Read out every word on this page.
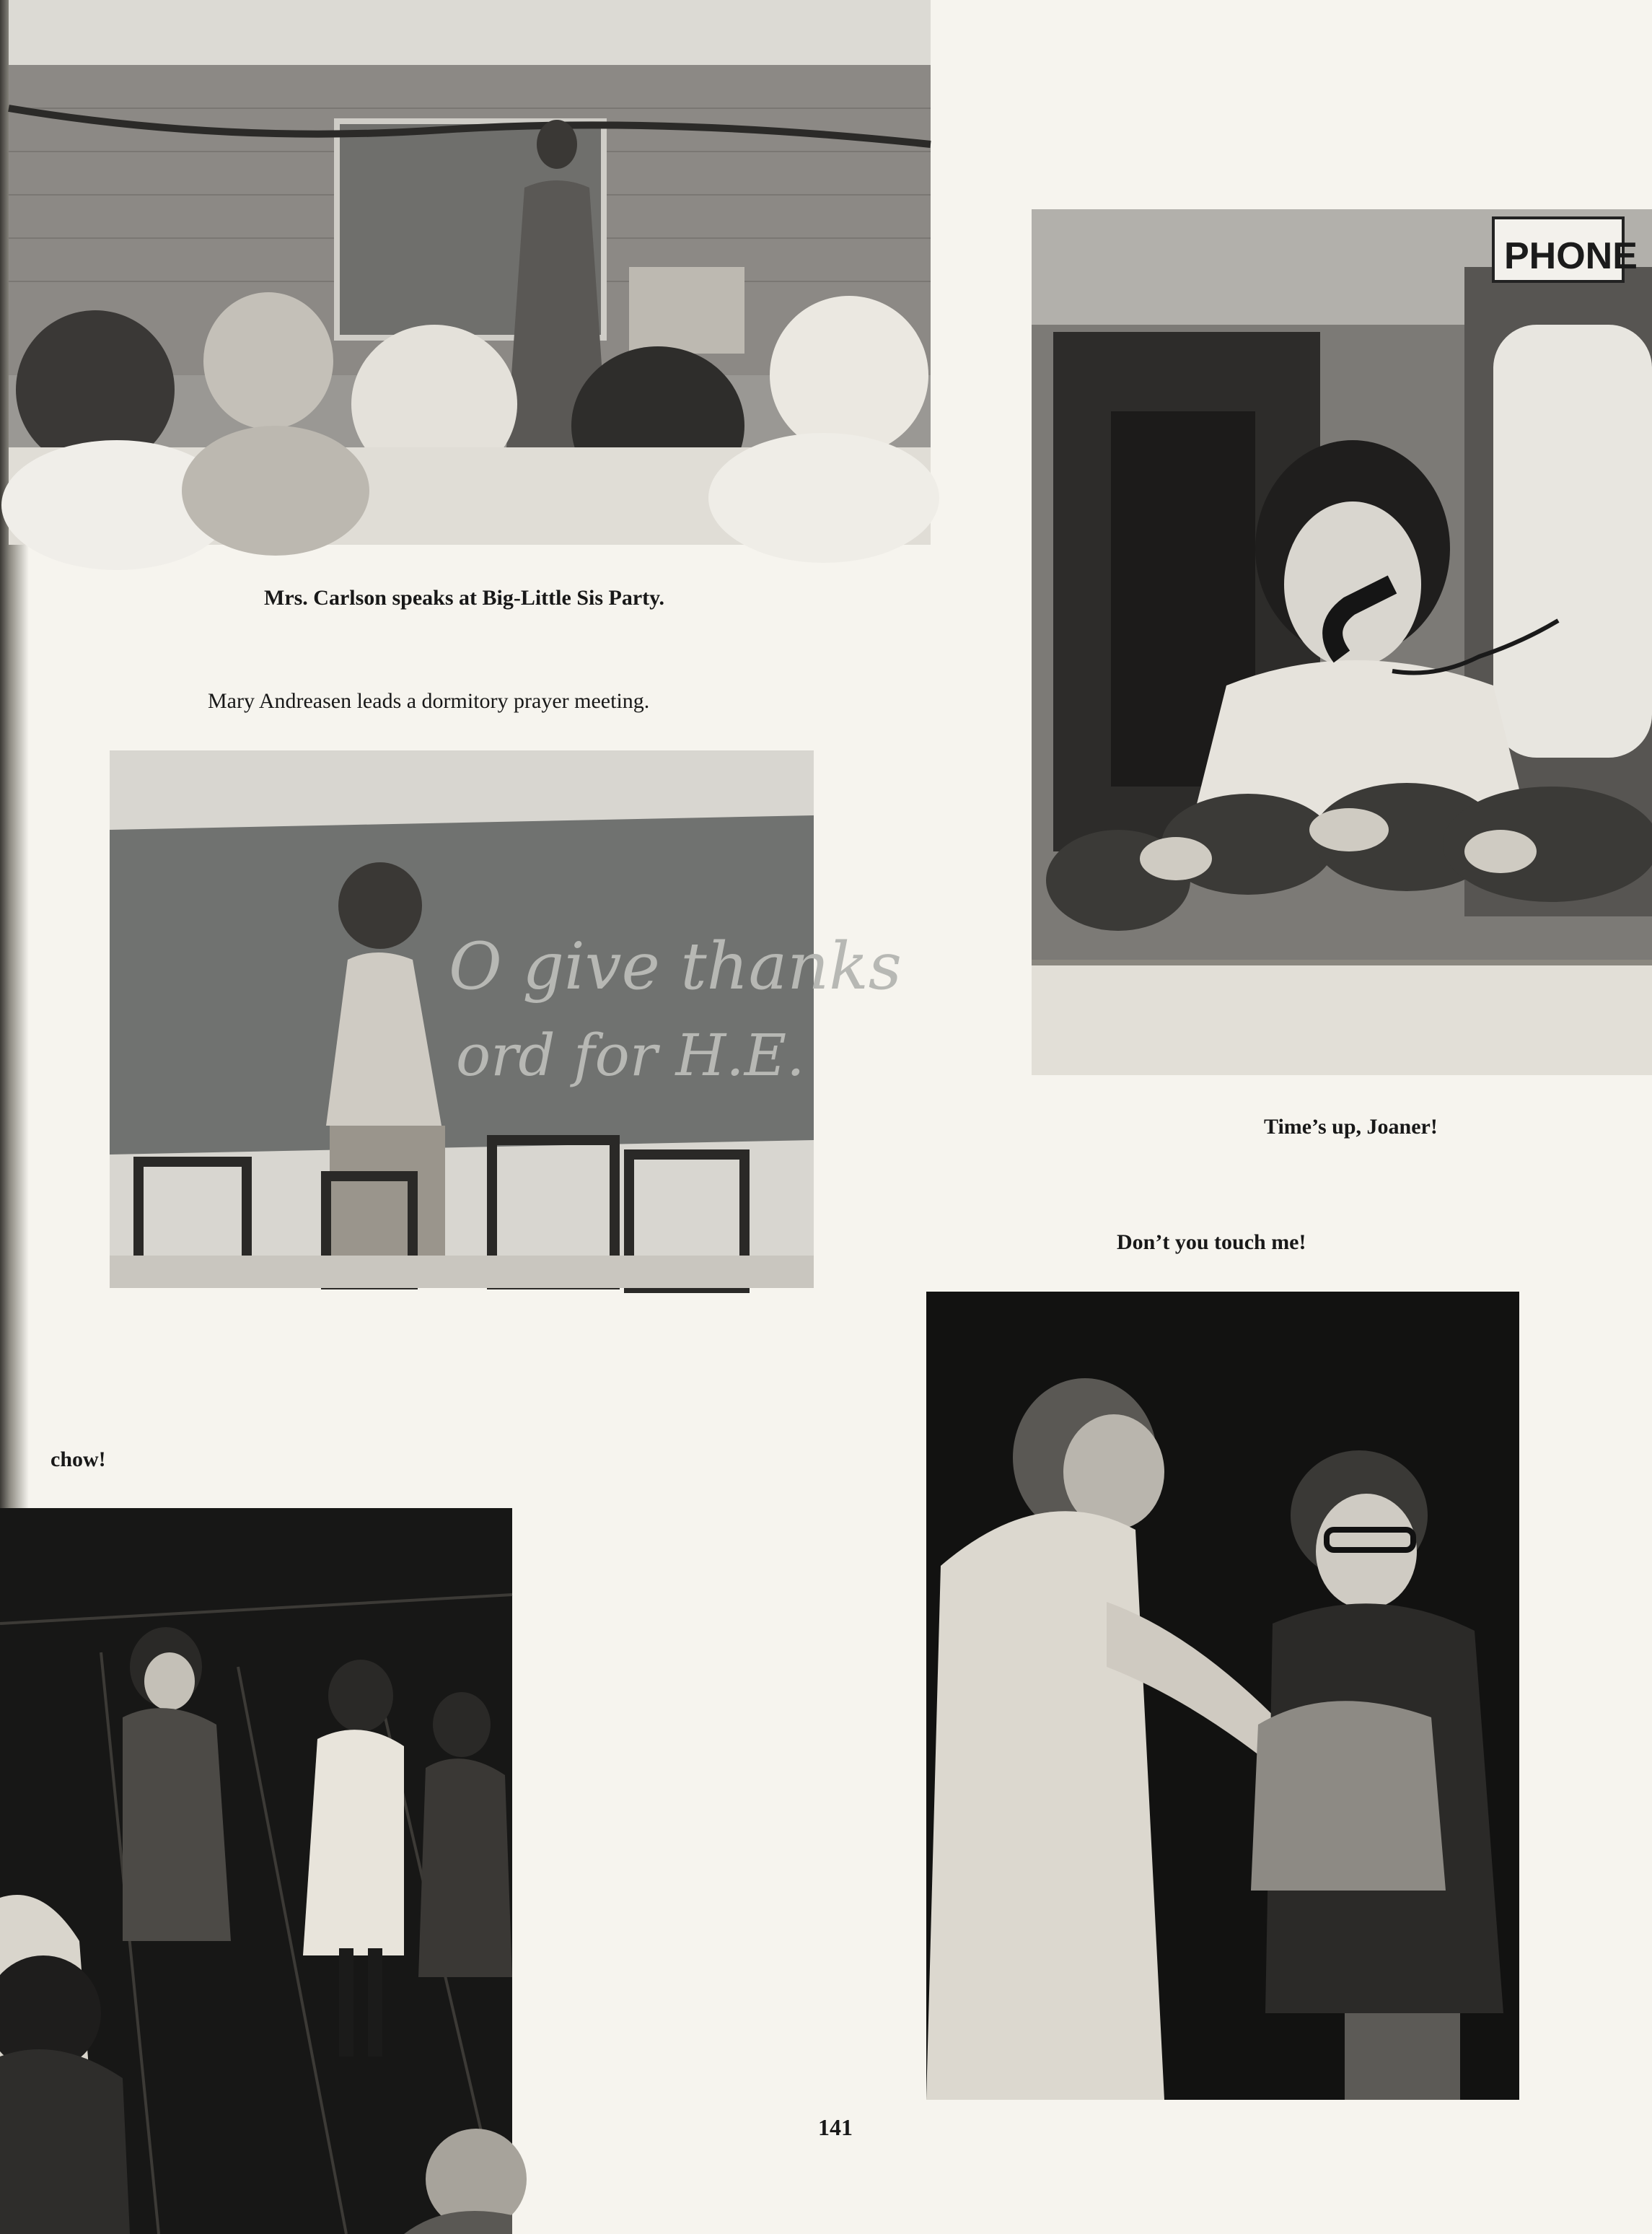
Mrs. Carlson speaks at Big-Little Sis Party.
Mary Andreasen leads a dormitory prayer meeting.
O give thanks
ord for H.E.
PHONE
Time’s up, Joaner!
Don’t you touch me!
chow!
141
